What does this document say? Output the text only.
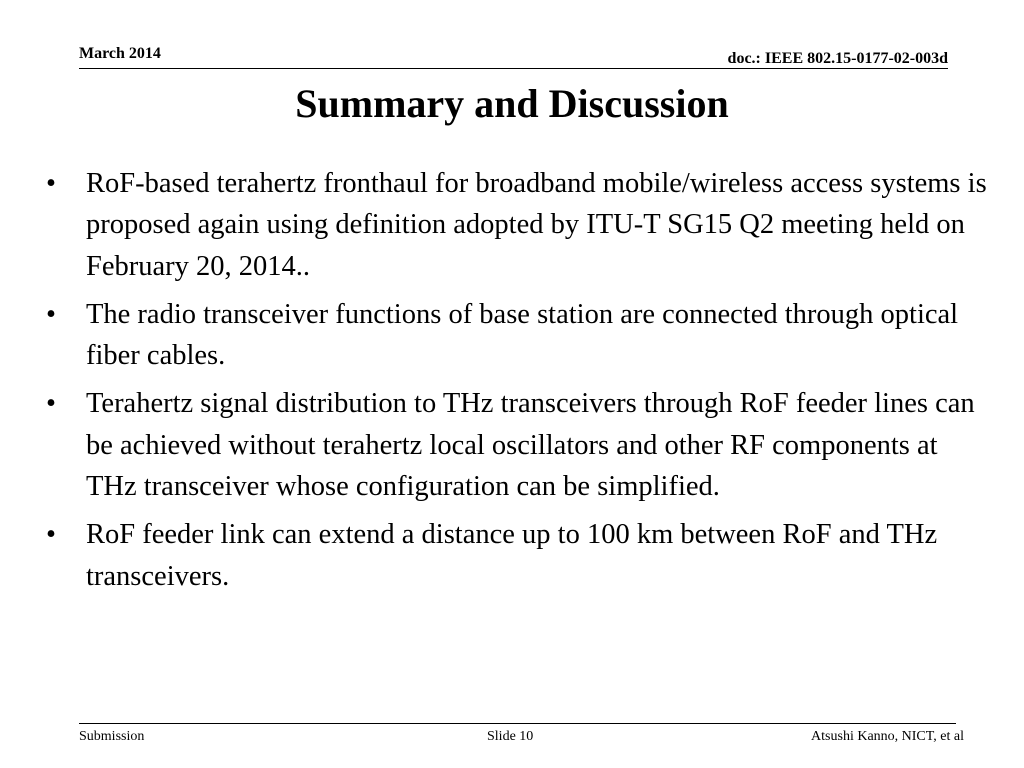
March 2014	doc.: IEEE 802.15-0177-02-003d
Summary and Discussion
• RoF-based terahertz fronthaul for broadband mobile/wireless access systems is proposed again using definition adopted by ITU-T SG15 Q2 meeting held on February 20, 2014..
• The radio transceiver functions of base station are connected through optical fiber cables.
• Terahertz signal distribution to THz transceivers through RoF feeder lines can be achieved without terahertz local oscillators and other RF components at THz transceiver whose configuration can be simplified.
• RoF feeder link can extend a distance up to 100 km between RoF and THz transceivers.
Submission	Slide 10	Atsushi Kanno, NICT, et al
